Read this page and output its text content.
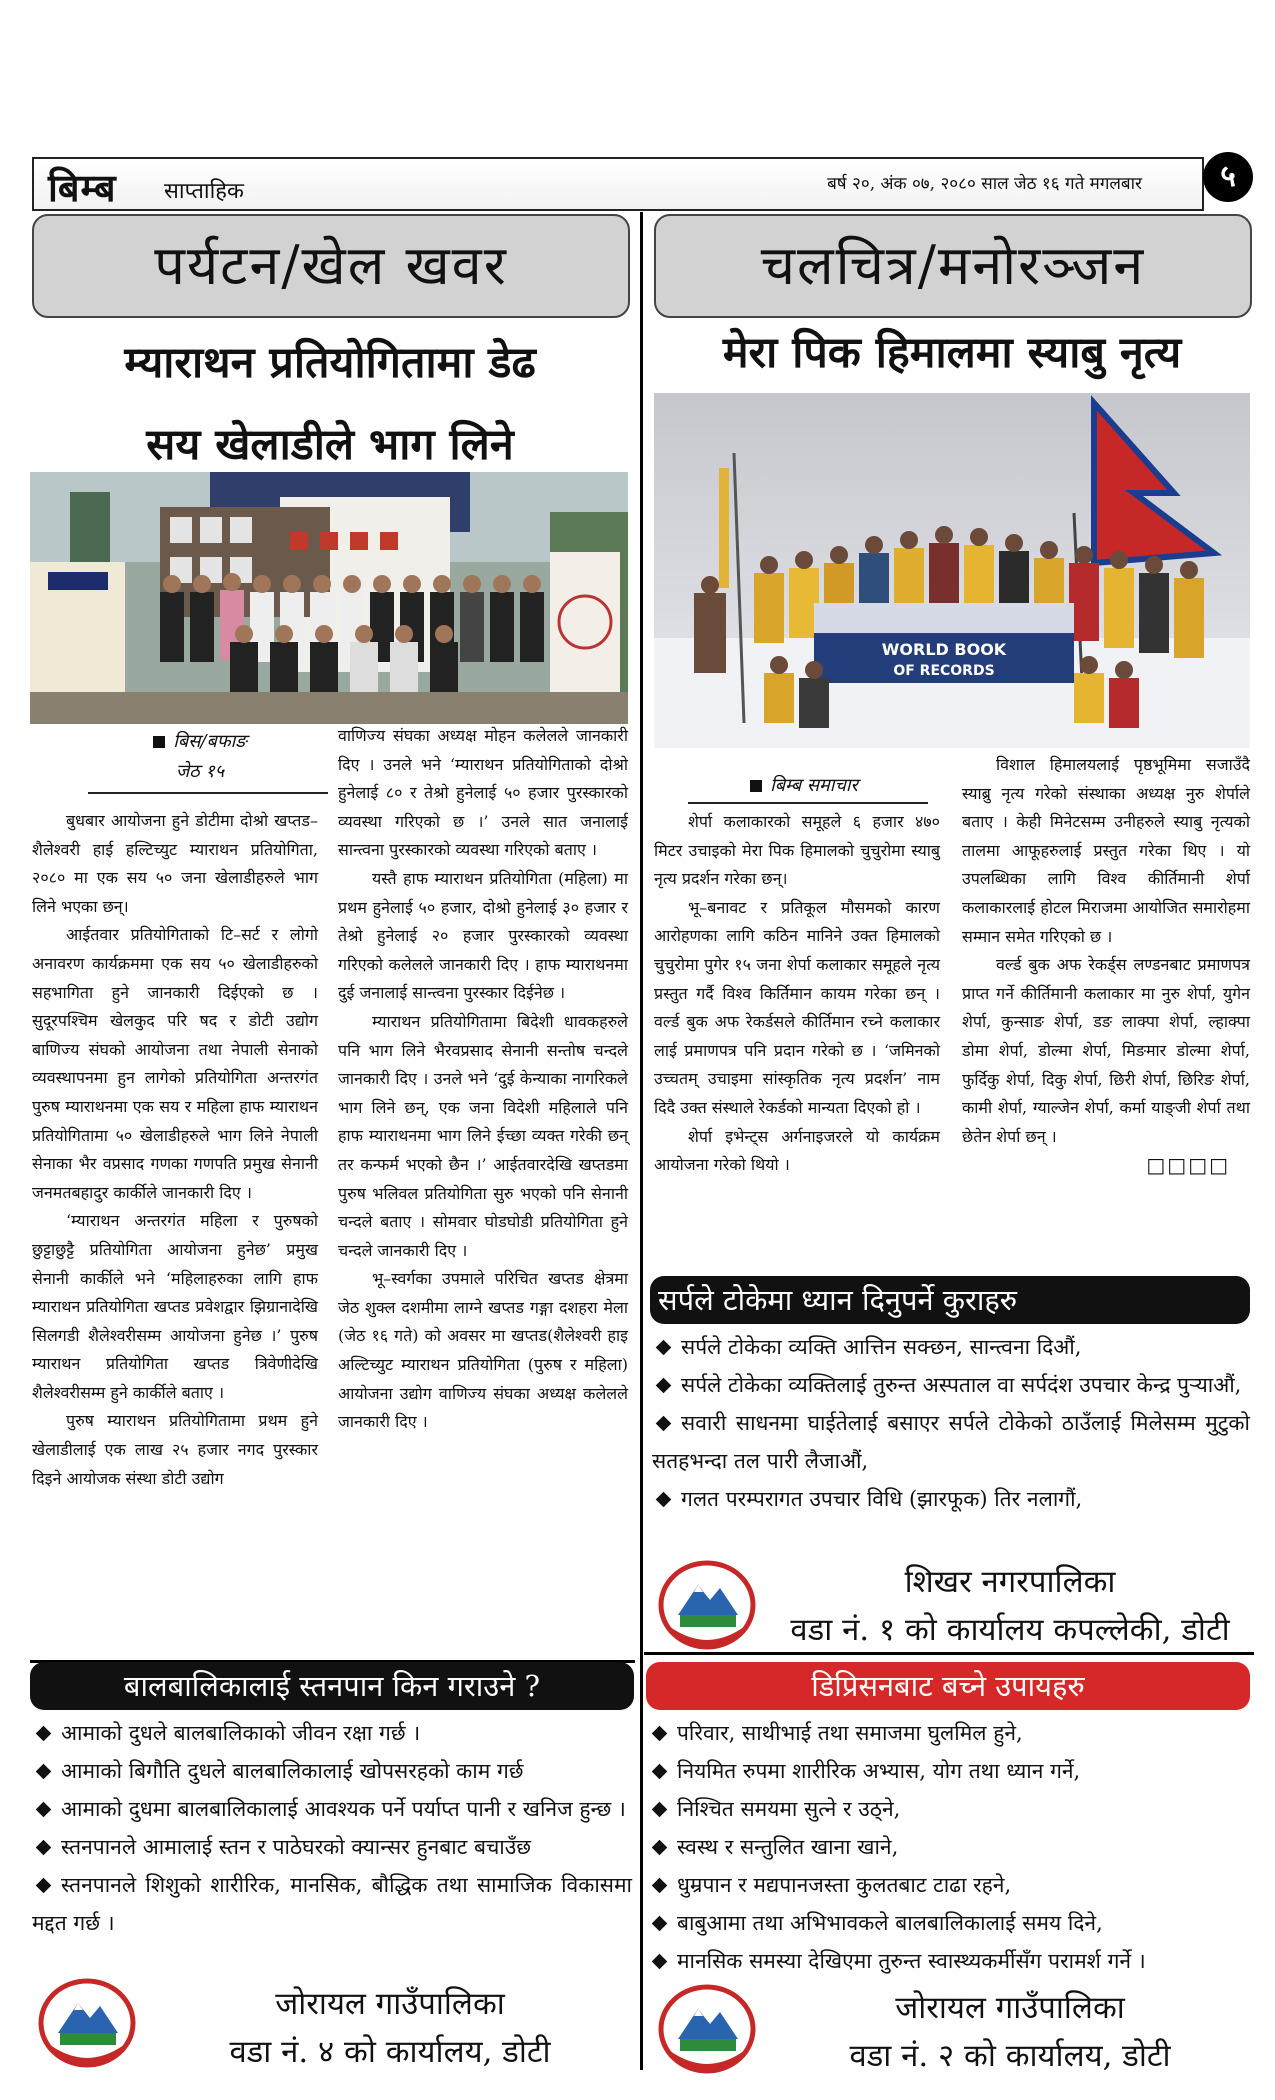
बिम्ब साप्ताहिक	बर्ष २०, अंक ०७, २०८० साल जेठ १६ गते मगलबार	५
पर्यटन/खेल खवर
म्याराथन प्रतियोगितामा डेढ
सय खेलाडीले भाग लिने
बिस/बफाङ
जेठ १५

बुधबार आयोजना हुने डोटीमा दोश्रो खप्तड–शैलेश्वरी हाई हल्टिच्युट म्याराथन प्रतियोगिता, २०८० मा एक सय ५० जना खेलाडीहरुले भाग लिने भएका छन्।

आईतवार प्रतियोगिताको टि–सर्ट र लोगो अनावरण कार्यक्रममा एक सय ५० खेलाडीहरुको सहभागिता हुने जानकारी दिईएको छ । सुदूरपश्चिम खेलकुद परि षद र डोटी उद्योग बाणिज्य संघको आयोजना तथा नेपाली सेनाको व्यवस्थापनमा हुन लागेको प्रतियोगिता अन्तरगंत पुरुष म्याराथनमा एक सय र महिला हाफ म्याराथन प्रतियोगितामा ५० खेलाडीहरुले भाग लिने नेपाली सेनाका भैर वप्रसाद गणका गणपति प्रमुख सेनानी जनमतबहादुर कार्कीले जानकारी दिए ।

‘म्याराथन अन्तरगंत महिला र पुरुषको छुट्टाछुट्टै प्रतियोगिता आयोजना हुनेछ’ प्रमुख सेनानी कार्कीले भने ‘महिलाहरुका लागि हाफ म्याराथन प्रतियोगिता खप्तड प्रवेशद्वार झिग्रानादेखि सिलगडी शैलेश्वरीसम्म आयोजना हुनेछ ।’ पुरुष म्याराथन प्रतियोगिता खप्तड त्रिवेणीदेखि शैलेश्वरीसम्म हुने कार्कीले बताए ।

पुरुष म्याराथन प्रतियोगितामा प्रथम हुने खेलाडीलाई एक लाख २५ हजार नगद पुरस्कार दिइने आयोजक संस्था डोटी उद्योग

वाणिज्य संघका अध्यक्ष मोहन कलेलले जानकारी दिए । उनले भने ‘म्याराथन प्रतियोगिताको दोश्रो हुनेलाई ८० र तेश्रो हुनेलाई ५० हजार पुरस्कारको व्यवस्था गरिएको छ ।’ उनले सात जनालाई सान्त्वना पुरस्कारको व्यवस्था गरिएको बताए ।

यस्तै हाफ म्याराथन प्रतियोगिता (महिला) मा प्रथम हुनेलाई ५० हजार, दोश्रो हुनेलाई ३० हजार र तेश्रो हुनेलाई २० हजार पुरस्कारको व्यवस्था गरिएको कलेलले जानकारी दिए । हाफ म्याराथनमा दुई जनालाई सान्त्वना पुरस्कार दिईनेछ ।

म्याराथन प्रतियोगितामा बिदेशी धावकहरुले पनि भाग लिने भैरवप्रसाद सेनानी सन्तोष चन्दले जानकारी दिए । उनले भने ‘दुई केन्याका नागरिकले भाग लिने छन्, एक जना विदेशी महिलाले पनि हाफ म्याराथनमा भाग लिने ईच्छा व्यक्त गरेकी छन् तर कन्फर्म भएको छैन ।’ आईतवारदेखि खप्तडमा पुरुष भलिवल प्रतियोगिता सुरु भएको पनि सेनानी चन्दले बताए । सोमवार घोडघोडी प्रतियोगिता हुने चन्दले जानकारी दिए ।

भू–स्वर्गका उपमाले परिचित खप्तड क्षेत्रमा जेठ शुक्ल दशमीमा लाग्ने खप्तड गङ्गा दशहरा मेला (जेठ १६ गते) को अवसर मा खप्तड(शैलेश्वरी हाइ अल्टिच्युट म्याराथन प्रतियोगिता (पुरुष र महिला) आयोजना उद्योग वाणिज्य संघका अध्यक्ष कलेलले जानकारी दिए ।

चलचित्र/मनोरञ्जन
मेरा पिक हिमालमा स्याबु नृत्य
WORLD BOOK
OF RECORDS
बिम्ब समाचार

शेर्पा कलाकारको समूहले ६ हजार ४७० मिटर उचाइको मेरा पिक हिमालको चुचुरोमा स्याबु नृत्य प्रदर्शन गरेका छन्।

भू–बनावट र प्रतिकूल मौसमको कारण आरोहणका लागि कठिन मानिने उक्त हिमालको चुचुरोमा पुगेर १५ जना शेर्पा कलाकार समूहले नृत्य प्रस्तुत गर्दै विश्व किर्तिमान कायम गरेका छन् । वर्ल्ड बुक अफ रेकर्डसले कीर्तिमान रच्ने कलाकार लाई प्रमाणपत्र पनि प्रदान गरेको छ । ‘जमिनको उच्चतम् उचाइमा सांस्कृतिक नृत्य प्रदर्शन’ नाम दिदै उक्त संस्थाले रेकर्डको मान्यता दिएको हो ।

शेर्पा इभेन्ट्स अर्गनाइजरले यो कार्यक्रम आयोजना गरेको थियो ।

विशाल हिमालयलाई पृष्ठभूमिमा सजाउँदै स्याब्रु नृत्य गरेको संस्थाका अध्यक्ष नुरु शेर्पाले बताए । केही मिनेटसम्म उनीहरुले स्याबु नृत्यको तालमा आफूहरुलाई प्रस्तुत गरेका थिए । यो उपलब्धिका लागि विश्व कीर्तिमानी शेर्पा कलाकारलाई होटल मिराजमा आयोजित समारोहमा सम्मान समेत गरिएको छ ।

वर्ल्ड बुक अफ रेकर्ड्स लण्डनबाट प्रमाणपत्र प्राप्त गर्ने कीर्तिमानी कलाकार मा नुरु शेर्पा, युगेन शेर्पा, कुन्साङ शेर्पा, डङ लाक्पा शेर्पा, ल्हाक्पा डोमा शेर्पा, डोल्मा शेर्पा, मिङमार डोल्मा शेर्पा, फुर्दिकु शेर्पा, दिकु शेर्पा, छिरी शेर्पा, छिरिङ शेर्पा, कामी शेर्पा, ग्याल्जेन शेर्पा, कर्मा याङ्जी शेर्पा तथा छेतेन शेर्पा छन् ।

□□□□
सर्पले टोकेमा ध्यान दिनुपर्ने कुराहरु
सर्पले टोकेका व्यक्ति आत्तिन सक्छन, सान्त्वना दिऔं,
सर्पले टोकेका व्यक्तिलाई तुरुन्त अस्पताल वा सर्पदंश उपचार केन्द्र पुऱ्याऔं,
सवारी साधनमा घाईतेलाई बसाएर सर्पले टोकेको ठाउँलाई मिलेसम्म मुटुको सतहभन्दा तल पारी लैजाऔं,
गलत परम्परागत उपचार विधि (झारफूक) तिर नलागौं,
शिखर नगरपालिका
वडा नं. १ को कार्यालय कपल्लेकी, डोटी
बालबालिकालाई स्तनपान किन गराउने ?
आमाको दुधले बालबालिकाको जीवन रक्षा गर्छ ।
आमाको बिगौति दुधले बालबालिकालाई खोपसरहको काम गर्छ
आमाको दुधमा बालबालिकालाई आवश्यक पर्ने पर्याप्त पानी र खनिज हुन्छ ।
स्तनपानले आमालाई स्तन र पाठेघरको क्यान्सर हुनबाट बचाउँछ
स्तनपानले शिशुको शारीरिक, मानसिक, बौद्धिक तथा सामाजिक विकासमा मद्दत गर्छ ।
जोरायल गाउँपालिका
वडा नं. ४ को कार्यालय, डोटी
डिप्रिसनबाट बच्ने उपायहरु
परिवार, साथीभाई तथा समाजमा घुलमिल हुने,
नियमित रुपमा शारीरिक अभ्यास, योग तथा ध्यान गर्ने,
निश्चित समयमा सुत्ने र उठ्ने,
स्वस्थ र सन्तुलित खाना खाने,
धुम्रपान र मद्यपानजस्ता कुलतबाट टाढा रहने,
बाबुआमा तथा अभिभावकले बालबालिकालाई समय दिने,
मानसिक समस्या देखिएमा तुरुन्त स्वास्थ्यकर्मीसँग परामर्श गर्ने ।
जोरायल गाउँपालिका
वडा नं. २ को कार्यालय, डोटी
